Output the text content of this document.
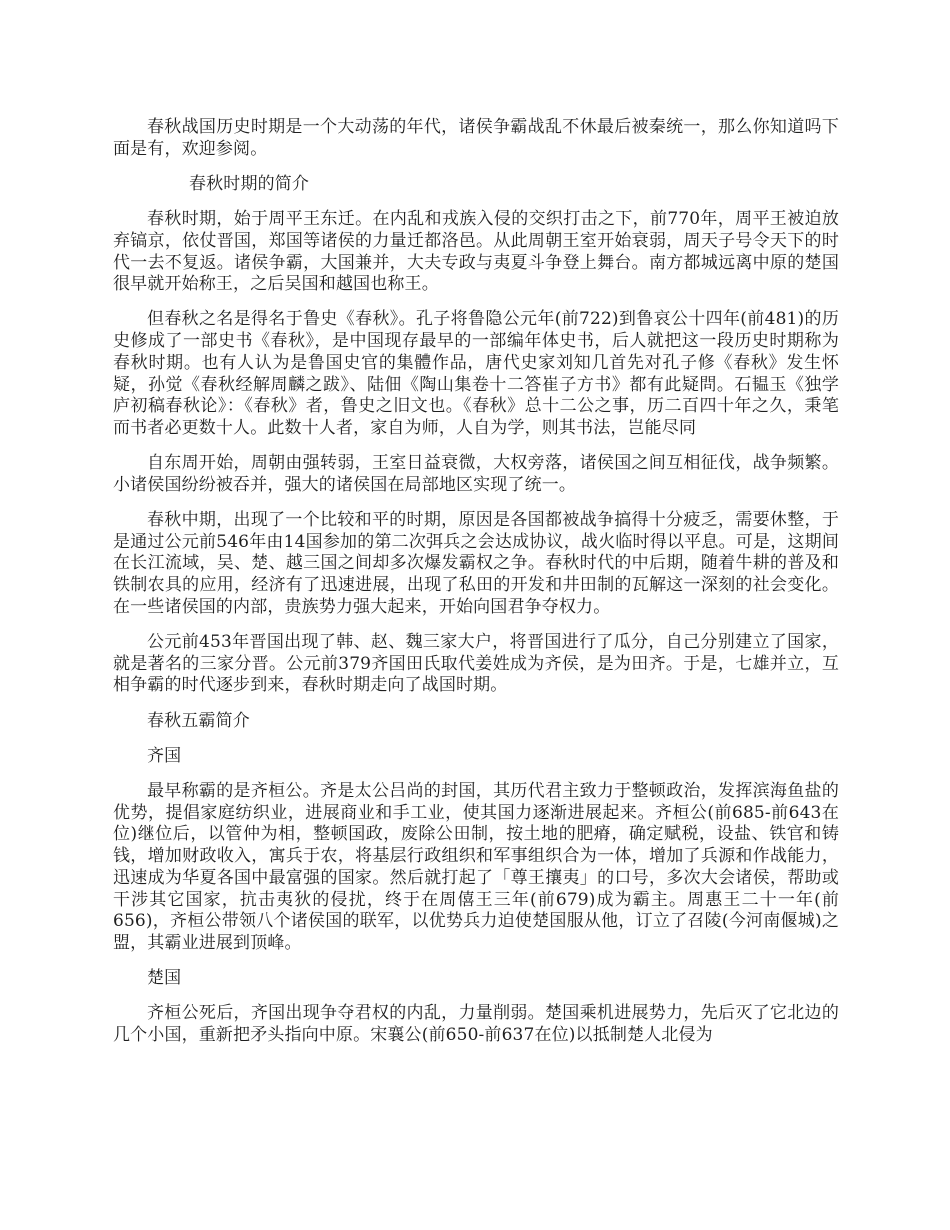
春秋战国历史时期是一个大动荡的年代，诸侯争霸战乱不休最后被秦统一，那么你知道吗下面是有，欢迎参阅。

春秋时期的简介

春秋时期，始于周平王东迁。在内乱和戎族入侵的交织打击之下，前770年，周平王被迫放弃镐京，依仗晋国，郑国等诸侯的力量迁都洛邑。从此周朝王室开始衰弱，周天子号令天下的时代一去不复返。诸侯争霸，大国兼并，大夫专政与夷夏斗争登上舞台。南方都城远离中原的楚国很早就开始称王，之后吴国和越国也称王。

但春秋之名是得名于鲁史《春秋》。孔子将鲁隐公元年(前722)到鲁哀公十四年(前481)的历史修成了一部史书《春秋》，是中国现存最早的一部编年体史书，后人就把这一段历史时期称为春秋时期。也有人认为是鲁国史官的集體作品，唐代史家刘知几首先对孔子修《春秋》发生怀疑，孙觉《春秋经解周麟之跋》、陆佃《陶山集卷十二答崔子方书》都有此疑問。石韫玉《独学庐初稿春秋论》：《春秋》者，鲁史之旧文也。《春秋》总十二公之事，历二百四十年之久，秉笔而书者必更数十人。此数十人者，家自为师，人自为学，则其书法，岂能尽同

自东周开始，周朝由强转弱，王室日益衰微，大权旁落，诸侯国之间互相征伐，战争频繁。小诸侯国纷纷被吞并，强大的诸侯国在局部地区实现了统一。

春秋中期，出现了一个比较和平的时期，原因是各国都被战争搞得十分疲乏，需要休整，于是通过公元前546年由14国参加的第二次弭兵之会达成协议，战火临时得以平息。可是，这期间在长江流域，吴、楚、越三国之间却多次爆发霸权之争。春秋时代的中后期，随着牛耕的普及和铁制农具的应用，经济有了迅速进展，出现了私田的开发和井田制的瓦解这一深刻的社会变化。在一些诸侯国的内部，贵族势力强大起来，开始向国君争夺权力。

公元前453年晋国出现了韩、赵、魏三家大户，将晋国进行了瓜分，自己分别建立了国家，就是著名的三家分晋。公元前379齐国田氏取代姜姓成为齐侯，是为田齐。于是，七雄并立，互相争霸的时代逐步到来，春秋时期走向了战国时期。

春秋五霸简介

齐国

最早称霸的是齐桓公。齐是太公吕尚的封国，其历代君主致力于整顿政治，发挥滨海鱼盐的优势，提倡家庭纺织业，进展商业和手工业，使其国力逐渐进展起来。齐桓公(前685-前643在位)继位后，以管仲为相，整顿国政，废除公田制，按土地的肥瘠，确定赋税，设盐、铁官和铸钱，增加财政收入，寓兵于农，将基层行政组织和军事组织合为一体，增加了兵源和作战能力，迅速成为华夏各国中最富强的国家。然后就打起了「尊王攘夷」的口号，多次大会诸侯，帮助或干涉其它国家，抗击夷狄的侵扰，终于在周僖王三年(前679)成为霸主。周惠王二十一年(前656)，齐桓公带领八个诸侯国的联军，以优势兵力迫使楚国服从他，订立了召陵(今河南偃城)之盟，其霸业进展到顶峰。

楚国

齐桓公死后，齐国出现争夺君权的内乱，力量削弱。楚国乘机进展势力，先后灭了它北边的几个小国，重新把矛头指向中原。宋襄公(前650-前637在位)以抵制楚人北侵为
